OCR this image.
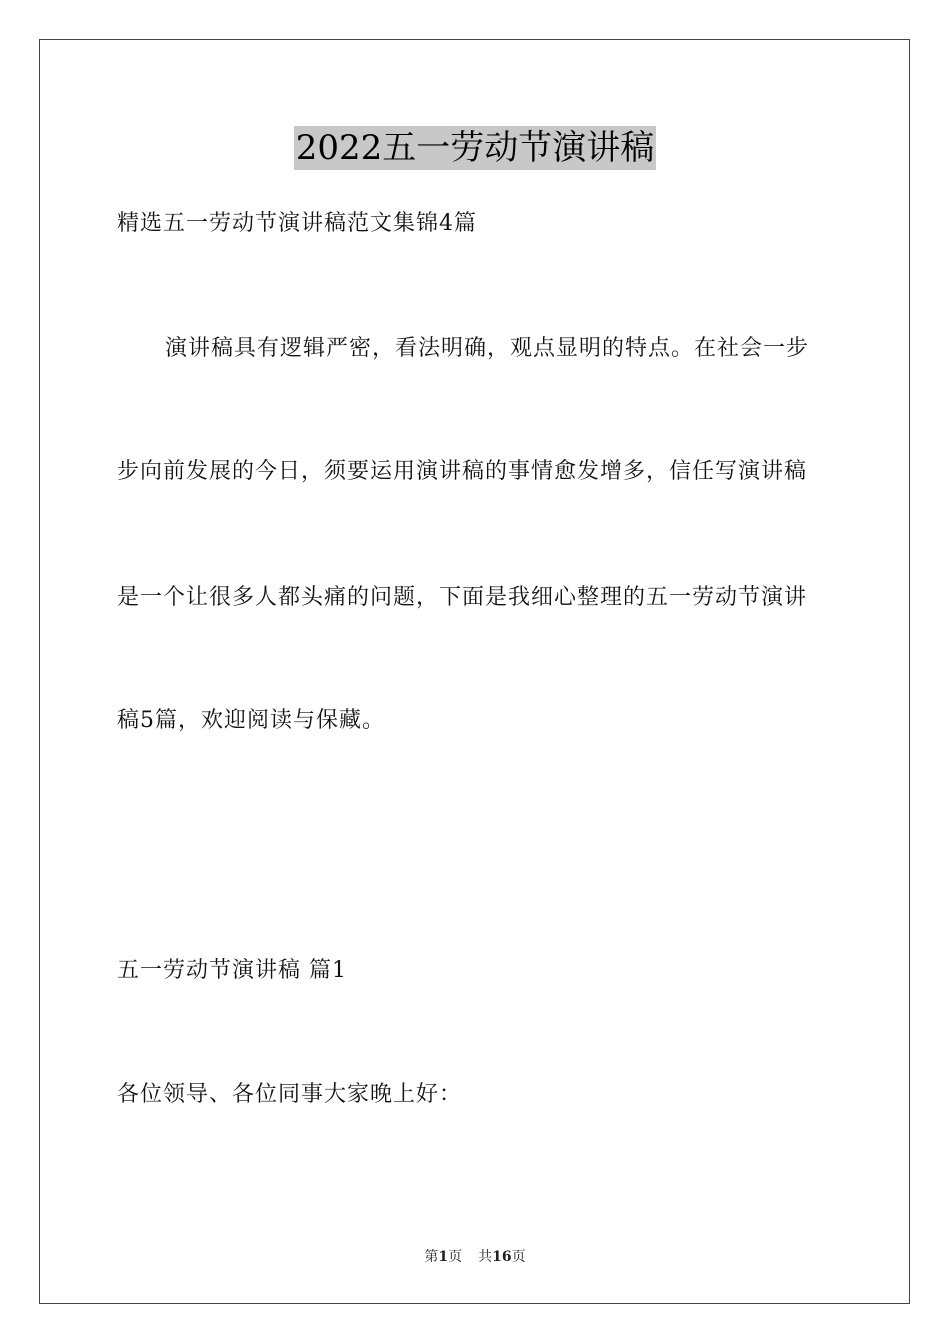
2022五一劳动节演讲稿
精选五一劳动节演讲稿范文集锦4篇
演讲稿具有逻辑严密，看法明确，观点显明的特点。在社会一步
步向前发展的今日，须要运用演讲稿的事情愈发增多，信任写演讲稿
是一个让很多人都头痛的问题，下面是我细心整理的五一劳动节演讲
稿5篇，欢迎阅读与保藏。
五一劳动节演讲稿 篇1
各位领导、各位同事大家晚上好：
第1页 共16页
